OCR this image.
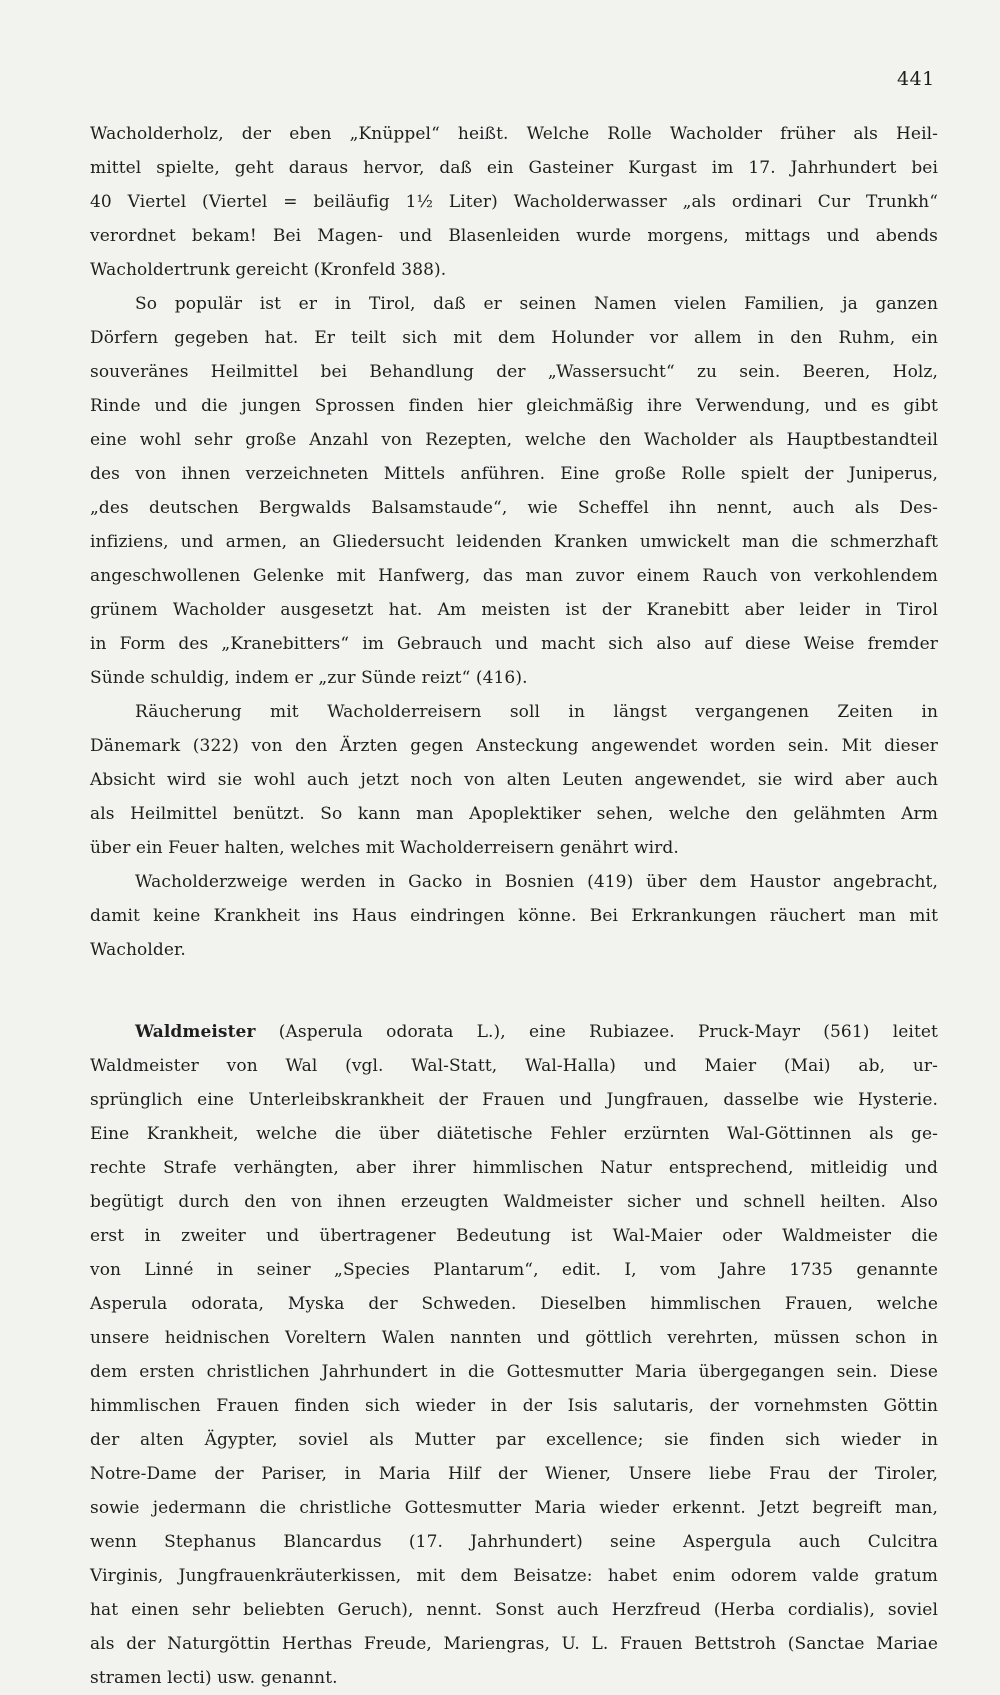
441
Wacholderholz, der eben „Knüppel“ heißt. Welche Rolle Wacholder früher als Heil-
mittel spielte, geht daraus hervor, daß ein Gasteiner Kurgast im 17. Jahrhundert bei
40 Viertel (Viertel = beiläufig 1½ Liter) Wacholderwasser „als ordinari Cur Trunkh“
verordnet bekam! Bei Magen- und Blasenleiden wurde morgens, mittags und abends
Wacholdertrunk gereicht (Kronfeld 388).
So populär ist er in Tirol, daß er seinen Namen vielen Familien, ja ganzen
Dörfern gegeben hat. Er teilt sich mit dem Holunder vor allem in den Ruhm, ein
souveränes Heilmittel bei Behandlung der „Wassersucht“ zu sein. Beeren, Holz,
Rinde und die jungen Sprossen finden hier gleichmäßig ihre Verwendung, und es gibt
eine wohl sehr große Anzahl von Rezepten, welche den Wacholder als Hauptbestandteil
des von ihnen verzeichneten Mittels anführen. Eine große Rolle spielt der Juniperus,
„des deutschen Bergwalds Balsamstaude“, wie Scheffel ihn nennt, auch als Des-
infiziens, und armen, an Gliedersucht leidenden Kranken umwickelt man die schmerzhaft
angeschwollenen Gelenke mit Hanfwerg, das man zuvor einem Rauch von verkohlendem
grünem Wacholder ausgesetzt hat. Am meisten ist der Kranebitt aber leider in Tirol
in Form des „Kranebitters“ im Gebrauch und macht sich also auf diese Weise fremder
Sünde schuldig, indem er „zur Sünde reizt“ (416).
Räucherung mit Wacholderreisern soll in längst vergangenen Zeiten in
Dänemark (322) von den Ärzten gegen Ansteckung angewendet worden sein. Mit dieser
Absicht wird sie wohl auch jetzt noch von alten Leuten angewendet, sie wird aber auch
als Heilmittel benützt. So kann man Apoplektiker sehen, welche den gelähmten Arm
über ein Feuer halten, welches mit Wacholderreisern genährt wird.
Wacholderzweige werden in Gacko in Bosnien (419) über dem Haustor angebracht,
damit keine Krankheit ins Haus eindringen könne. Bei Erkrankungen räuchert man mit
Wacholder.
Waldmeister (Asperula odorata L.), eine Rubiazee. Pruck-Mayr (561) leitet
Waldmeister von Wal (vgl. Wal-Statt, Wal-Halla) und Maier (Mai) ab, ur-
sprünglich eine Unterleibskrankheit der Frauen und Jungfrauen, dasselbe wie Hysterie.
Eine Krankheit, welche die über diätetische Fehler erzürnten Wal-Göttinnen als ge-
rechte Strafe verhängten, aber ihrer himmlischen Natur entsprechend, mitleidig und
begütigt durch den von ihnen erzeugten Waldmeister sicher und schnell heilten. Also
erst in zweiter und übertragener Bedeutung ist Wal-Maier oder Waldmeister die
von Linné in seiner „Species Plantarum“, edit. I, vom Jahre 1735 genannte
Asperula odorata, Myska der Schweden. Dieselben himmlischen Frauen, welche
unsere heidnischen Voreltern Walen nannten und göttlich verehrten, müssen schon in
dem ersten christlichen Jahrhundert in die Gottesmutter Maria übergegangen sein. Diese
himmlischen Frauen finden sich wieder in der Isis salutaris, der vornehmsten Göttin
der alten Ägypter, soviel als Mutter par excellence; sie finden sich wieder in
Notre-Dame der Pariser, in Maria Hilf der Wiener, Unsere liebe Frau der Tiroler,
sowie jedermann die christliche Gottesmutter Maria wieder erkennt. Jetzt begreift man,
wenn Stephanus Blancardus (17. Jahrhundert) seine Aspergula auch Culcitra
Virginis, Jungfrauenkräuterkissen, mit dem Beisatze: habet enim odorem valde gratum
hat einen sehr beliebten Geruch), nennt. Sonst auch Herzfreud (Herba cordialis), soviel
als der Naturgöttin Herthas Freude, Mariengras, U. L. Frauen Bettstroh (Sanctae Mariae
stramen lecti) usw. genannt.
